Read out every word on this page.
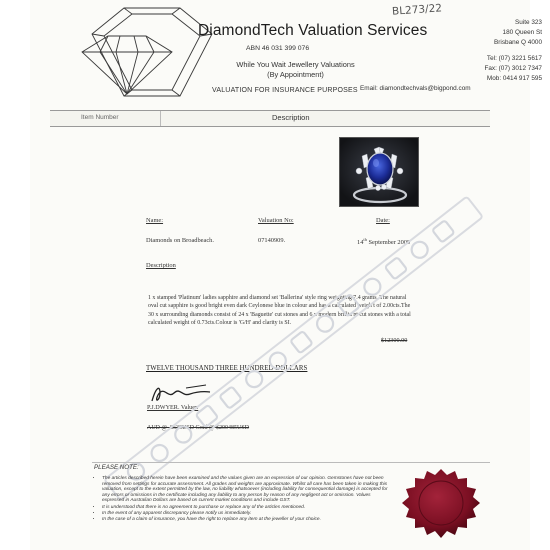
BL273/22
DiamondTech Valuation Services
ABN 46 031 399 076
While You Wait Jewellery Valuations
(By Appointment)
VALUATION FOR INSURANCE PURPOSES
Suite 323
180 Queen St
Brisbane Q 4000
Tel: (07) 3221 5617
Fax: (07) 3012 7347
Mob: 0414 917 595
Email: diamondtechvals@bigpond.com
Item Number	Description
Name:	Valuation No:	Date:
Diamonds on Broadbeach.	07140909.	14th September 2009
Description
1 x stamped 'Platinum' ladies sapphire and diamond set 'Ballerina' style ring weighting 7.4 grams. The natural oval cut sapphire is good bright even dark Ceylonese blue in colour and has a calculated weigh t of 2.00cts.The 30 x surrounding diamonds consist of 24 x 'Baguette' cut stones and 6 x modern brillia nt cut stones with a total calculated weight of 0.73cts.Colour is 'G/H' and clarity is SI.
$12300.00
TWELVE THOUSAND THREE HUNDRED DOLLARS
P.J.DWYER. Valuer.
AUD @ .8636USD Gold @ $200485USD
PLEASE NOTE:
• The articles described herein have been examined and the values given are an expression of our opinion. Gemstones have not been removed from settings for accurate assessment. All grades and weights are approximate. Whilst all care has been taken in making this valuation, except to the extent permitted by the law, no liability whatsoever (including liability for consequential damage) is accepted for any errors or omissions in the certificate including any liability to any person by reason of any negligent act or omission. Values expressed in Australian Dollars are based on current market conditions and include GST.
• It is understood that there is no agreement to purchase or replace any of the articles mentioned.
• In the event of any apparent discrepancy please notify us immediately.
• In the case of a claim of insurance, you have the right to replace any item at the jeweller of your choice.
